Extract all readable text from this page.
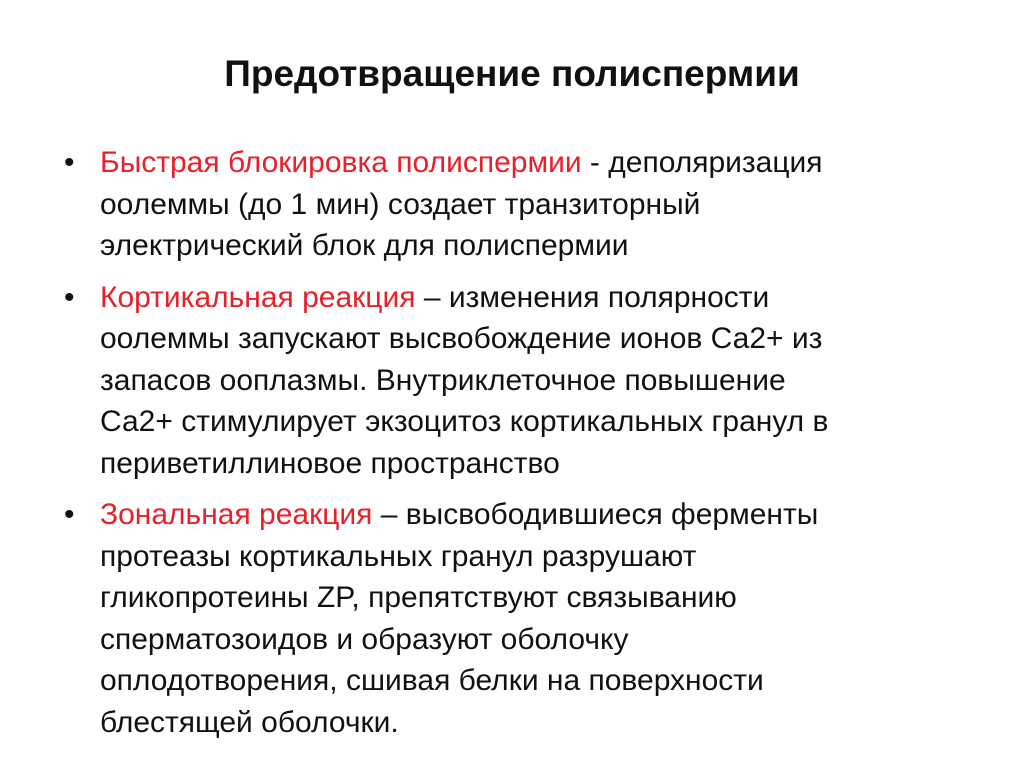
Предотвращение полиспермии
• Быстрая блокировка полиспермии - деполяризация
оолеммы (до 1 мин) создает транзиторный
электрический блок для полиспермии
• Кортикальная реакция – изменения полярности
оолеммы запускают высвобождение ионов Са2+ из
запасов ооплазмы. Внутриклеточное повышение
Са2+ стимулирует экзоцитоз кортикальных гранул в
периветиллиновое пространство
• Зональная реакция – высвободившиеся ферменты
протеазы кортикальных гранул разрушают
гликопротеины ZP, препятствуют связыванию
сперматозоидов и образуют оболочку
оплодотворения, сшивая белки на поверхности
блестящей оболочки.
